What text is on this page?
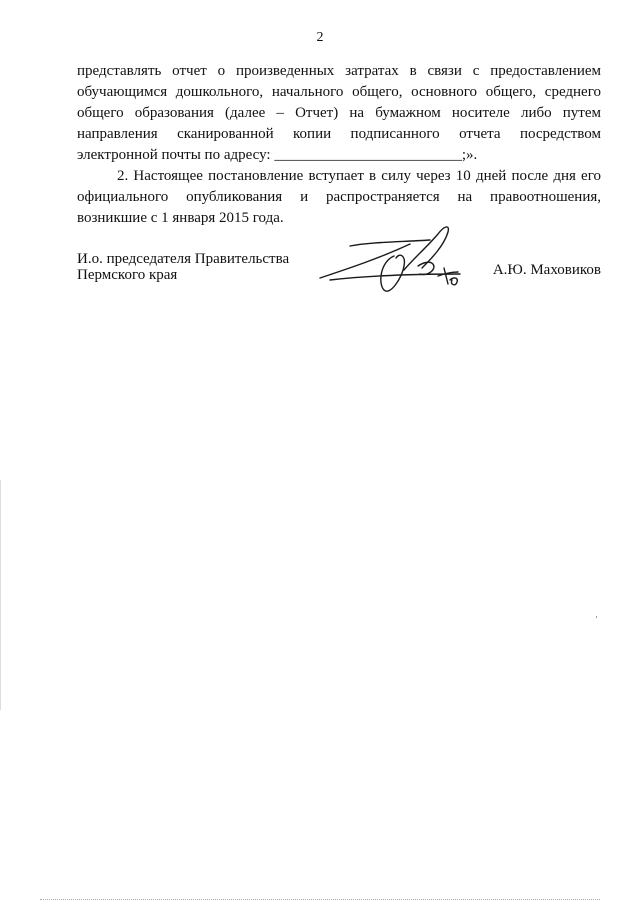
2

представлять отчет о произведенных затратах в связи с предоставлением обучающимся дошкольного, начального общего, основного общего, среднего общего образования (далее – Отчет) на бумажном носителе либо путем направления сканированной копии подписанного отчета посредством электронной почты по адресу: _________________________;».

2. Настоящее постановление вступает в силу через 10 дней после дня его официального опубликования и распространяется на правоотношения, возникшие с 1 января 2015 года.

И.о. председателя Правительства
Пермского края	А.Ю. Маховиков
